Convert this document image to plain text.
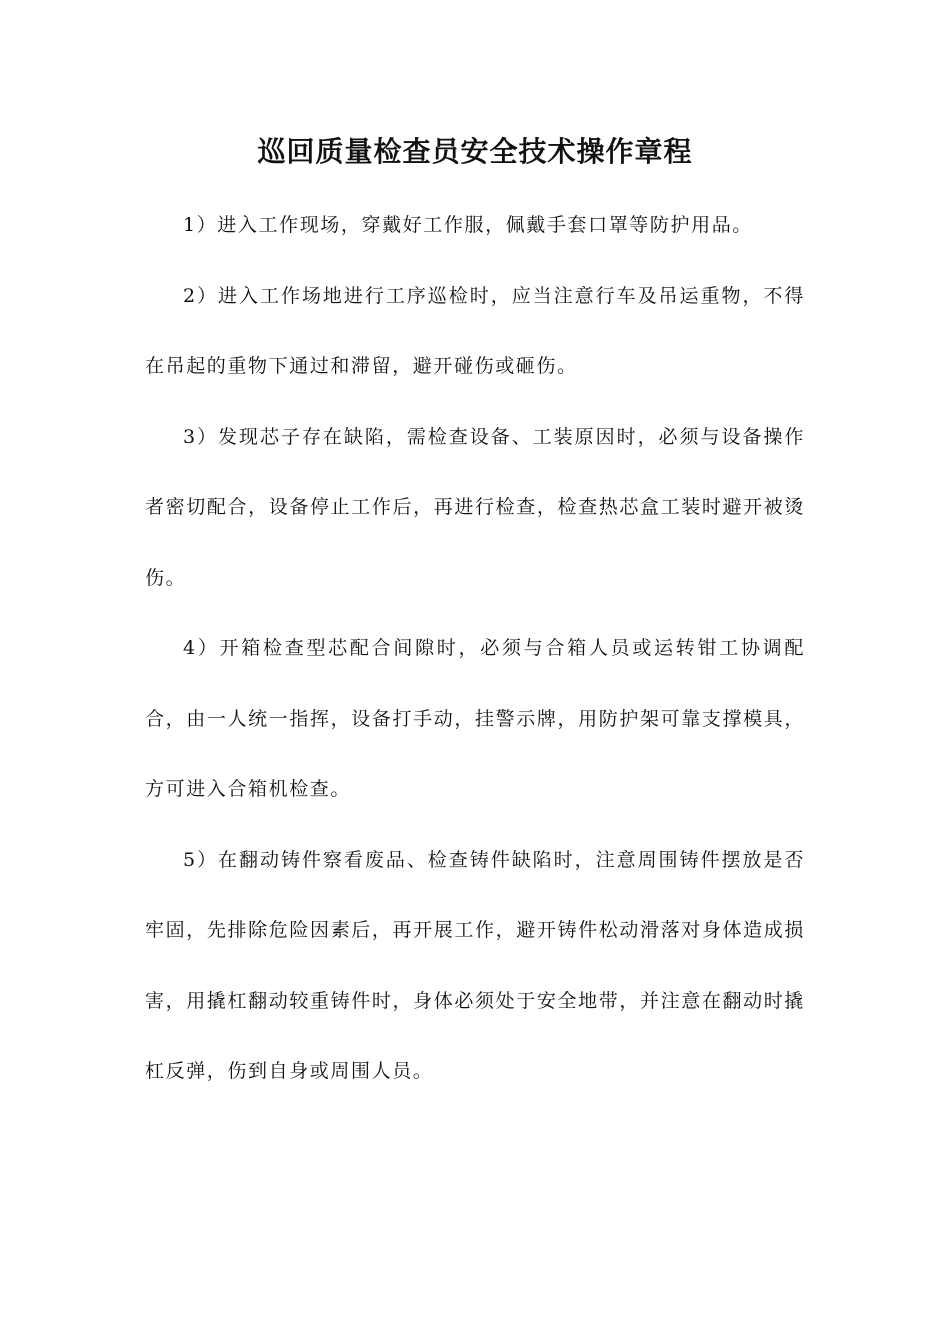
巡回质量检查员安全技术操作章程

1）进入工作现场，穿戴好工作服，佩戴手套口罩等防护用品。

2）进入工作场地进行工序巡检时，应当注意行车及吊运重物，不得在吊起的重物下通过和滞留，避开碰伤或砸伤。

3）发现芯子存在缺陷，需检查设备、工装原因时，必须与设备操作者密切配合，设备停止工作后，再进行检查，检查热芯盒工装时避开被烫伤。

4）开箱检查型芯配合间隙时，必须与合箱人员或运转钳工协调配合，由一人统一指挥，设备打手动，挂警示牌，用防护架可靠支撑模具，方可进入合箱机检查。

5）在翻动铸件察看废品、检查铸件缺陷时，注意周围铸件摆放是否牢固，先排除危险因素后，再开展工作，避开铸件松动滑落对身体造成损害，用撬杠翻动较重铸件时，身体必须处于安全地带，并注意在翻动时撬杠反弹，伤到自身或周围人员。
